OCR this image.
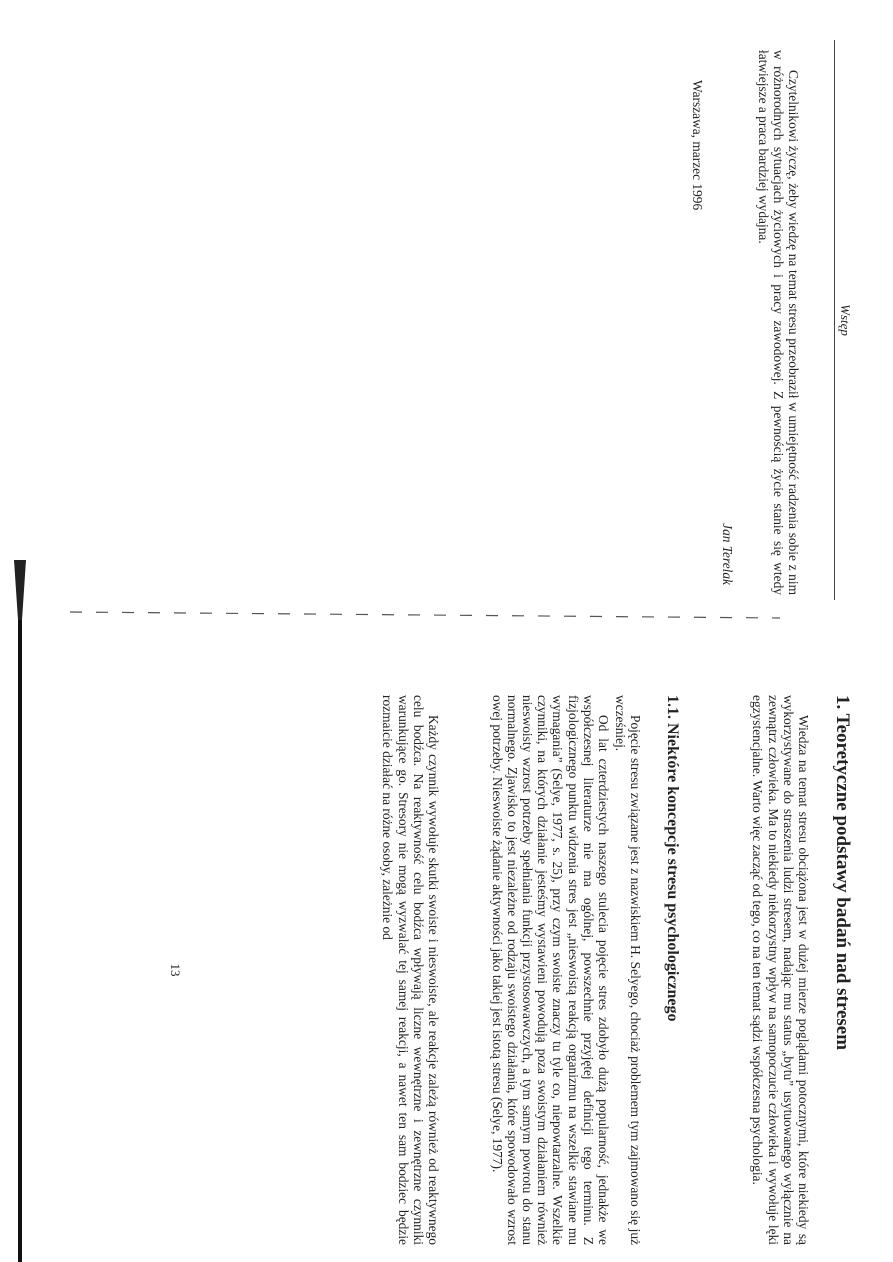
Wstęp

Czytelnikowi życzę, żeby wiedzę na temat stresu przeobraził w umiejętność radzenia sobie z nim w różnorodnych sytuacjach życiowych i pracy zawodowej. Z pewnością życie stanie się wtedy łatwiejsze a praca bardziej wydajna.

Jan Terelak
Warszawa, marzec 1996
1. Teoretyczne podstawy badań nad stresem

Wiedza na temat stresu obciążona jest w dużej mierze poglądami potocznymi, które niekiedy są wykorzystywane do straszenia ludzi stresem, nadając mu status „bytu” usytuowanego wyłącznie na zewnątrz człowieka. Ma to niekiedy niekorzystny wpływ na samopoczucie człowieka i wywołuje lęki egzystencjalne. Warto więc zacząć od tego, co na ten temat sądzi współczesna psychologia.

1.1. Niektóre koncepcje stresu psychologicznego

Pojęcie stresu związane jest z nazwiskiem H. Selyego, chociaż problemem tym zajmowano się już wcześniej.

Od lat czterdziestych naszego stulecia pojęcie stres zdobyło dużą popularność, jednakże we współczesnej literaturze nie ma ogólnej, powszechnie przyjętej definicji tego terminu. Z fizjologicznego punktu widzenia stres jest „nieswoistą reakcją organizmu na wszelkie stawiane mu wymagania” (Selye, 1977, s. 25), przy czym swoiste znaczy tu tyle co, niepowtarzalne. Wszelkie czynniki, na których działanie jesteśmy wystawieni powodują poza swoistym działaniem również nieswoisty wzrost potrzeby spełniania funkcji przystosowawczych, a tym samym powrotu do stanu normalnego. Zjawisko to jest niezależne od rodzaju swoistego działania, które spowodowało wzrost owej potrzeby. Nieswoiste żądanie aktywności jako takiej jest istotą stresu (Selye, 1977).

Każdy czynnik wywołuje skutki swoiste i nieswoiste, ale reakcje zależą również od reaktywnego celu bodźca. Na reaktywność celu bodźca wpływają liczne wewnętrzne i zewnętrzne czynniki warunkujące go. Stresory nie mogą wyzwalać tej samej reakcji, a nawet ten sam bodziec będzie rozmaicie działać na różne osoby, zależnie od

13
